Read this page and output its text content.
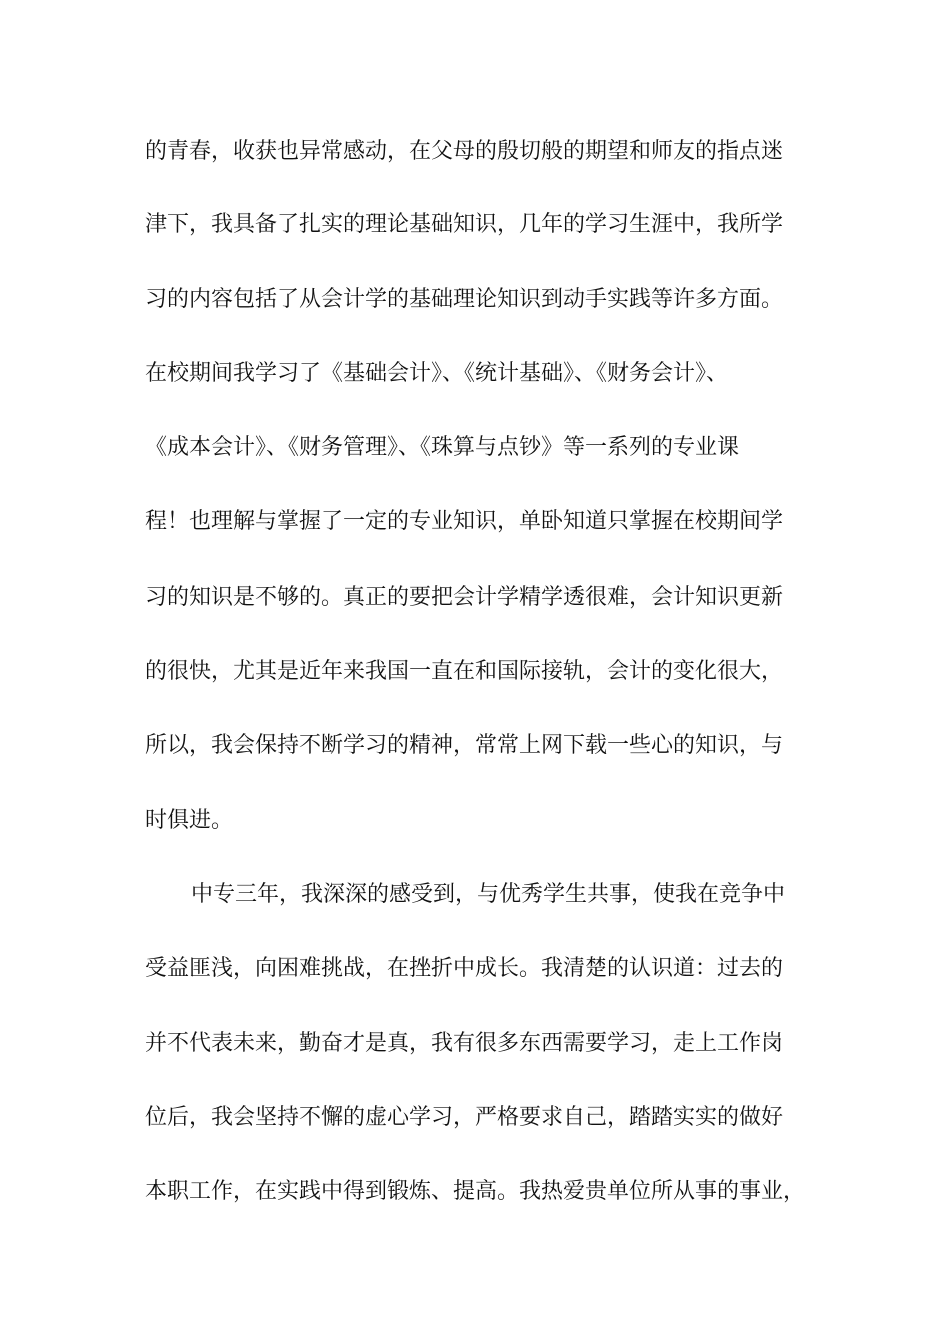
的青春，收获也异常感动，在父母的殷切般的期望和师友的指点迷
津下，我具备了扎实的理论基础知识，几年的学习生涯中，我所学
习的内容包括了从会计学的基础理论知识到动手实践等许多方面。
在校期间我学习了《基础会计》、《统计基础》、《财务会计》、
《成本会计》、《财务管理》、《珠算与点钞》等一系列的专业课
程！也理解与掌握了一定的专业知识，单卧知道只掌握在校期间学
习的知识是不够的。真正的要把会计学精学透很难，会计知识更新
的很快，尤其是近年来我国一直在和国际接轨，会计的变化很大，
所以，我会保持不断学习的精神，常常上网下载一些心的知识，与
时俱进。
中专三年，我深深的感受到，与优秀学生共事，使我在竞争中
受益匪浅，向困难挑战，在挫折中成长。我清楚的认识道：过去的
并不代表未来，勤奋才是真，我有很多东西需要学习，走上工作岗
位后，我会坚持不懈的虚心学习，严格要求自己，踏踏实实的做好
本职工作，在实践中得到锻炼、提高。我热爱贵单位所从事的事业，
